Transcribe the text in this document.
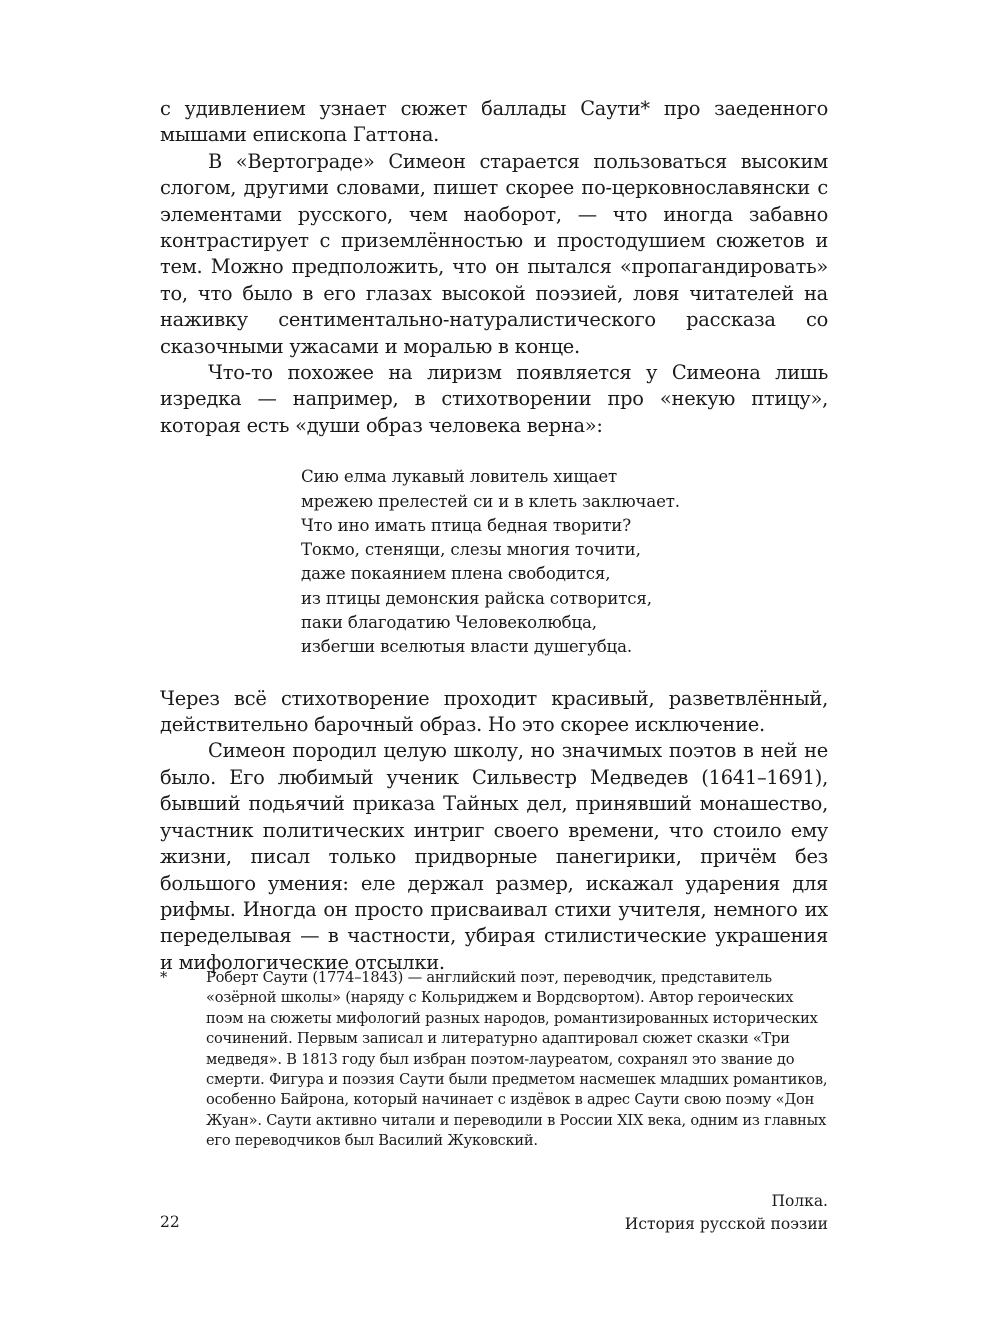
с удивлением узнает сюжет баллады Саути* про заеденного мышами епископа Гаттона.

В «Вертограде» Симеон старается пользоваться высоким слогом, другими словами, пишет скорее по-церковнославянски с элементами русского, чем наоборот, — что иногда забавно контрастирует с приземлённостью и простодушием сюжетов и тем. Можно предположить, что он пытался «пропагандировать» то, что было в его глазах высокой поэзией, ловя читателей на наживку сентиментально-натуралистического рассказа со сказочными ужасами и моралью в конце.

Что-то похожее на лиризм появляется у Симеона лишь изредка — например, в стихотворении про «некую птицу», которая есть «души образ человека верна»:

Сию елма лукавый ловитель хищает
мрежею прелестей си и в клеть заключает.
Что ино имать птица бедная творити?
Токмо, стенящи, слезы многия точити,
даже покаянием плена свободится,
из птицы демонския райска сотворится,
паки благодатию Человеколюбца,
избегши вселютыя власти душегубца.

Через всё стихотворение проходит красивый, разветвлённый, действительно барочный образ. Но это скорее исключение.

Симеон породил целую школу, но значимых поэтов в ней не было. Его любимый ученик Сильвестр Медведев (1641–1691), бывший подьячий приказа Тайных дел, принявший монашество, участник политических интриг своего времени, что стоило ему жизни, писал только придворные панегирики, причём без большого умения: еле держал размер, искажал ударения для рифмы. Иногда он просто присваивал стихи учителя, немного их переделывая — в частности, убирая стилистические украшения и мифологические отсылки.

*	Роберт Саути (1774–1843) — английский поэт, переводчик, представитель «озёрной школы» (наряду с Кольриджем и Вордсвортом). Автор героических поэм на сюжеты мифологий разных народов, романтизированных исторических сочинений. Первым записал и литературно адаптировал сюжет сказки «Три медведя». В 1813 году был избран поэтом-лауреатом, сохранял это звание до смерти. Фигура и поэзия Саути были предметом насмешек младших романтиков, особенно Байрона, который начинает с издёвок в адрес Саути свою поэму «Дон Жуан». Саути активно читали и переводили в России XIX века, одним из главных его переводчиков был Василий Жуковский.
22
Полка.
История русской поэзии
